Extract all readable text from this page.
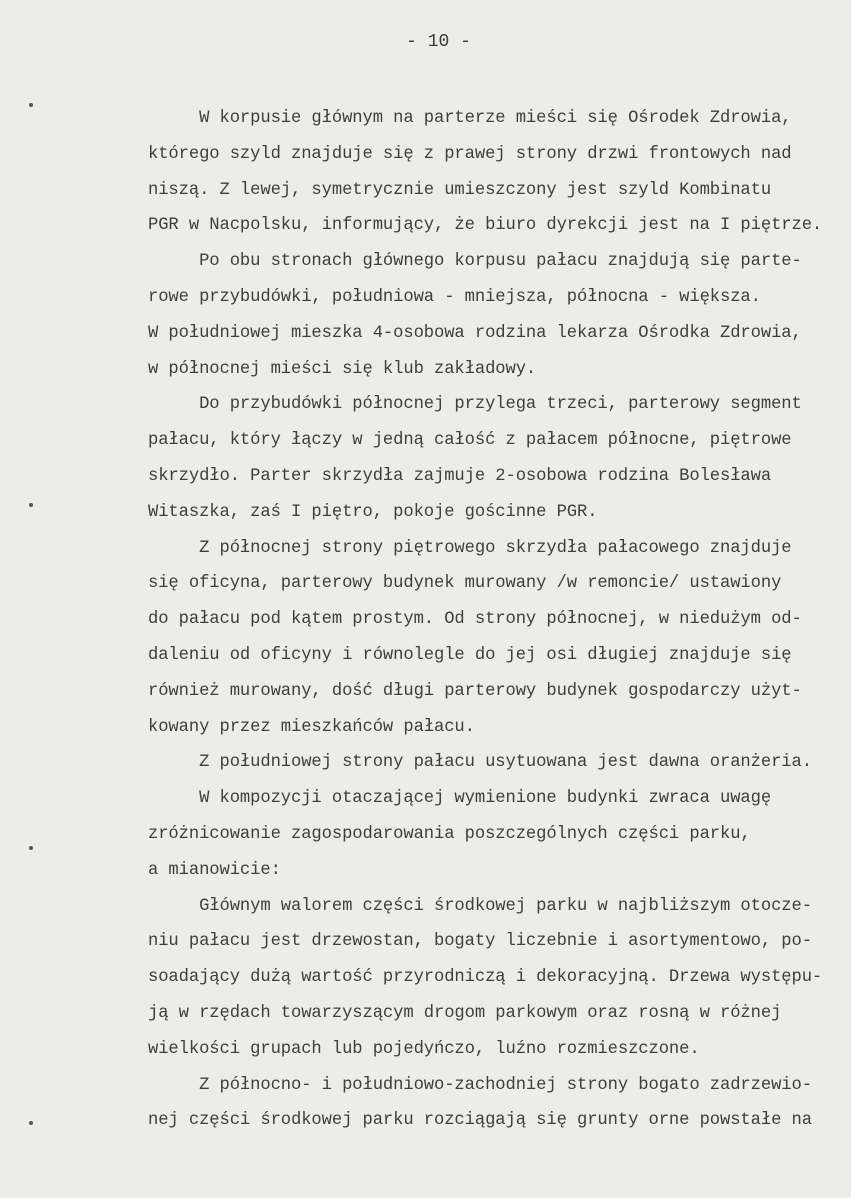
- 10 -
W korpusie głównym na parterze mieści się Ośrodek Zdrowia,
którego szyld znajduje się z prawej strony drzwi frontowych nad
niszą. Z lewej, symetrycznie umieszczony jest szyld Kombinatu
PGR w Nacpolsku, informujący, że biuro dyrekcji jest na I piętrze.
Po obu stronach głównego korpusu pałacu znajdują się parte-
rowe przybudówki, południowa - mniejsza, północna - większa.
W południowej mieszka 4-osobowa rodzina lekarza Ośrodka Zdrowia,
w północnej mieści się klub zakładowy.
Do przybudówki północnej przylega trzeci, parterowy segment
pałacu, który łączy w jedną całość z pałacem północne, piętrowe
skrzydło. Parter skrzydła zajmuje 2-osobowa rodzina Bolesława
Witaszka, zaś I piętro, pokoje gościnne PGR.
Z północnej strony piętrowego skrzydła pałacowego znajduje
się oficyna, parterowy budynek murowany /w remoncie/ ustawiony
do pałacu pod kątem prostym. Od strony północnej, w niedużym od-
daleniu od oficyny i równolegle do jej osi długiej znajduje się
również murowany, dość długi parterowy budynek gospodarczy użyt-
kowany przez mieszkańców pałacu.
Z południowej strony pałacu usytuowana jest dawna oranżeria.
W kompozycji otaczającej wymienione budynki zwraca uwagę
zróżnicowanie zagospodarowania poszczególnych części parku,
a mianowicie:
Głównym walorem części środkowej parku w najbliższym otocze-
niu pałacu jest drzewostan, bogaty liczebnie i asortymentowo, po-
soadający dużą wartość przyrodniczą i dekoracyjną. Drzewa występu-
ją w rzędach towarzyszącym drogom parkowym oraz rosną w różnej
wielkości grupach lub pojedyńczo, luźno rozmieszczone.
Z północno- i południowo-zachodniej strony bogato zadrzewio-
nej części środkowej parku rozciągają się grunty orne powstałe na
